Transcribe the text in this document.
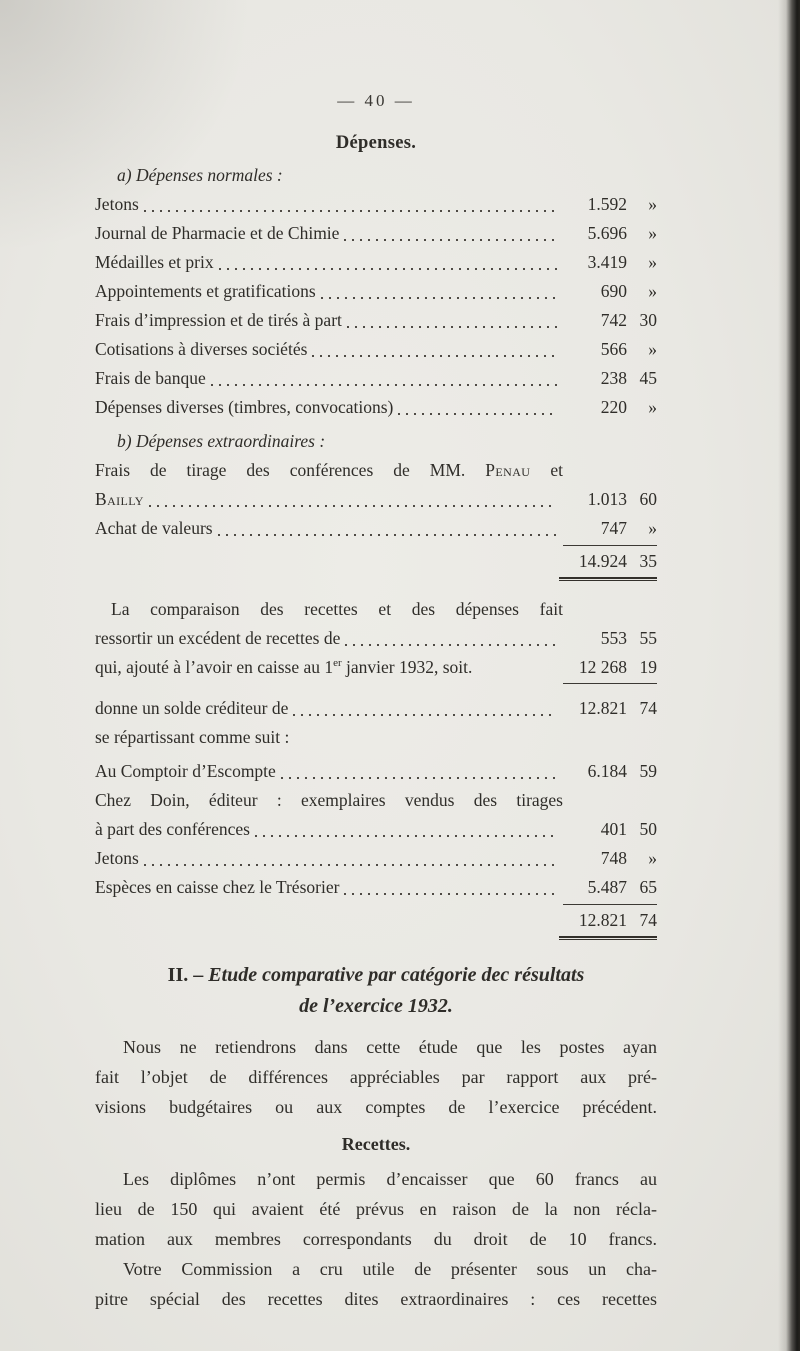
— 40 —
Dépenses.
a) Dépenses normales :
Jetons	1.592	»
Journal de Pharmacie et de Chimie	5.696	»
Médailles et prix	3.419	»
Appointements et gratifications	690	»
Frais d’impression et de tirés à part	742 30
Cotisations à diverses sociétés	566	»
Frais de banque	238 45
Dépenses diverses (timbres, convocations)	220	»
b) Dépenses extraordinaires :
Frais de tirage des conférences de MM. Penau et
Bailly	1.013 60
Achat de valeurs	747	»
14.924 35
La comparaison des recettes et des dépenses fait
ressortir un excédent de recettes de	553 55
qui, ajouté à l’avoir en caisse au 1er janvier 1932, soit.	12 268 19
donne un solde créditeur de	12.821 74
se répartissant comme suit :
Au Comptoir d’Escompte	6.184 59
Chez Doin, éditeur : exemplaires vendus des tirages
à part des conférences	401 50
Jetons	748	»
Espèces en caisse chez le Trésorier	5.487 65
12.821 74
II. – Etude comparative par catégorie dec résultats
de l’exercice 1932.
Nous ne retiendrons dans cette étude que les postes ayan
fait l’objet de différences appréciables par rapport aux pré-
visions budgétaires ou aux comptes de l’exercice précédent.
Recettes.
Les diplômes n’ont permis d’encaisser que 60 francs au
lieu de 150 qui avaient été prévus en raison de la non récla-
mation aux membres correspondants du droit de 10 francs.
Votre Commission a cru utile de présenter sous un cha-
pitre spécial des recettes dites extraordinaires : ces recettes
